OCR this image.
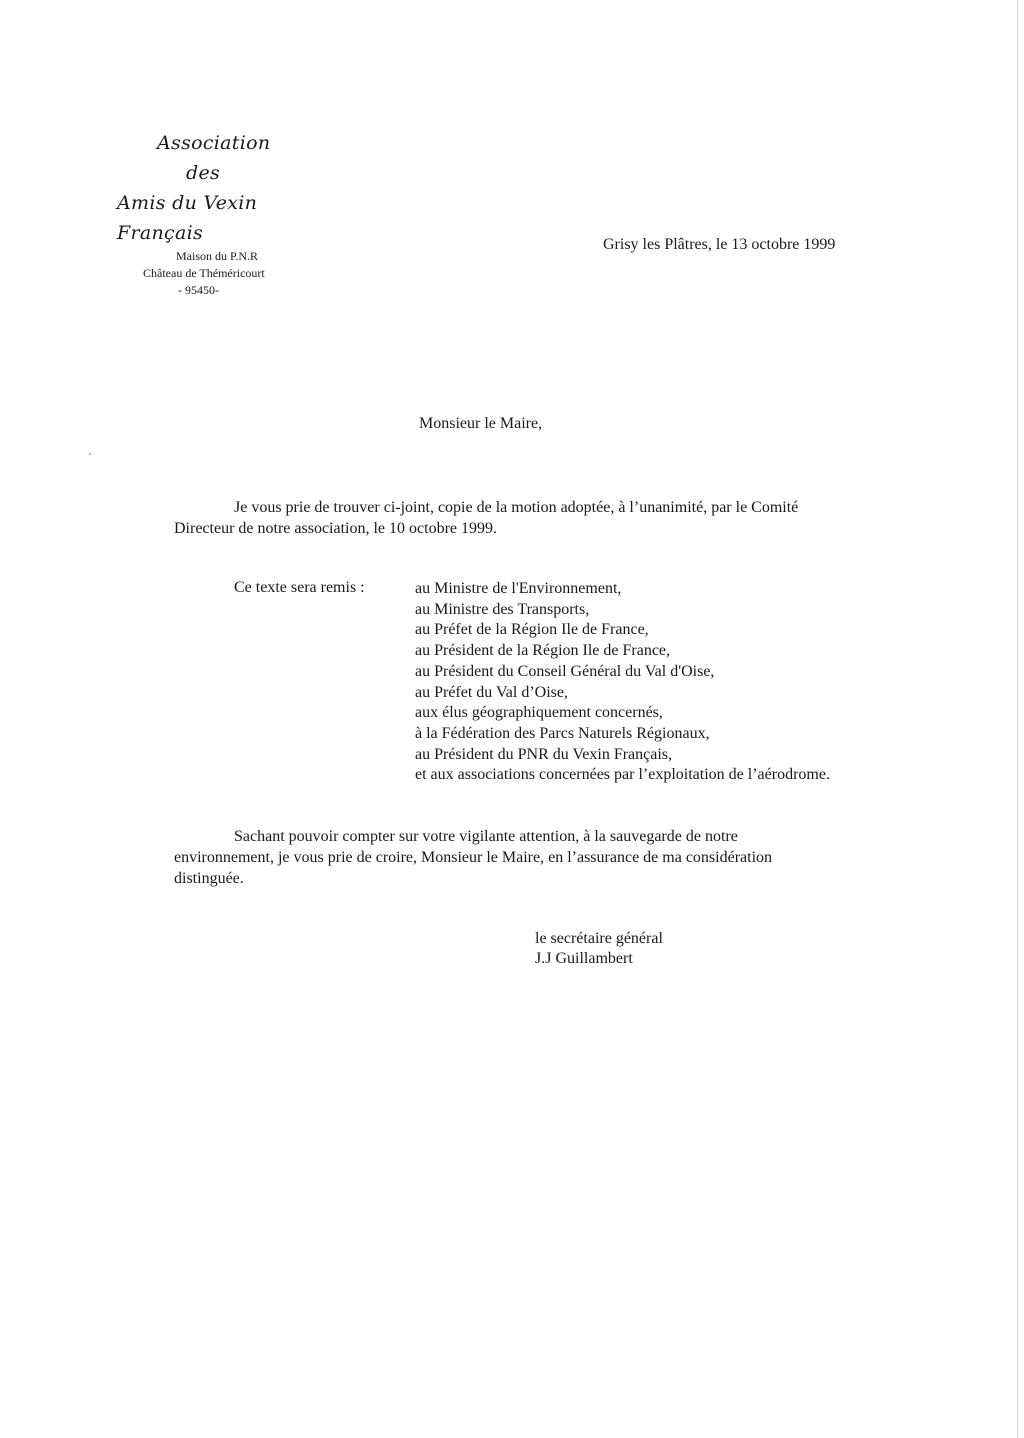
Association
des
Amis du Vexin Français
Maison du P.N.R
Château de Théméricourt
- 95450-
Grisy les Plâtres, le 13 octobre 1999
Monsieur le Maire,
Je vous prie de trouver ci-joint, copie de la motion adoptée, à l’unanimité, par le Comité
Directeur de notre association, le 10 octobre 1999.
Ce texte sera remis :	au Ministre de l'Environnement,
au Ministre des Transports,
au Préfet de la Région Ile de France,
au Président de la Région Ile de France,
au Président du Conseil Général du Val d'Oise,
au Préfet du Val d’Oise,
aux élus géographiquement concernés,
à la Fédération des Parcs Naturels Régionaux,
au Président du PNR du Vexin Français,
et aux associations concernées par l’exploitation de l’aérodrome.
Sachant pouvoir compter sur votre vigilante attention, à la sauvegarde de notre
environnement, je vous prie de croire, Monsieur le Maire, en l’assurance de ma considération
distinguée.
le secrétaire général
J.J Guillambert
